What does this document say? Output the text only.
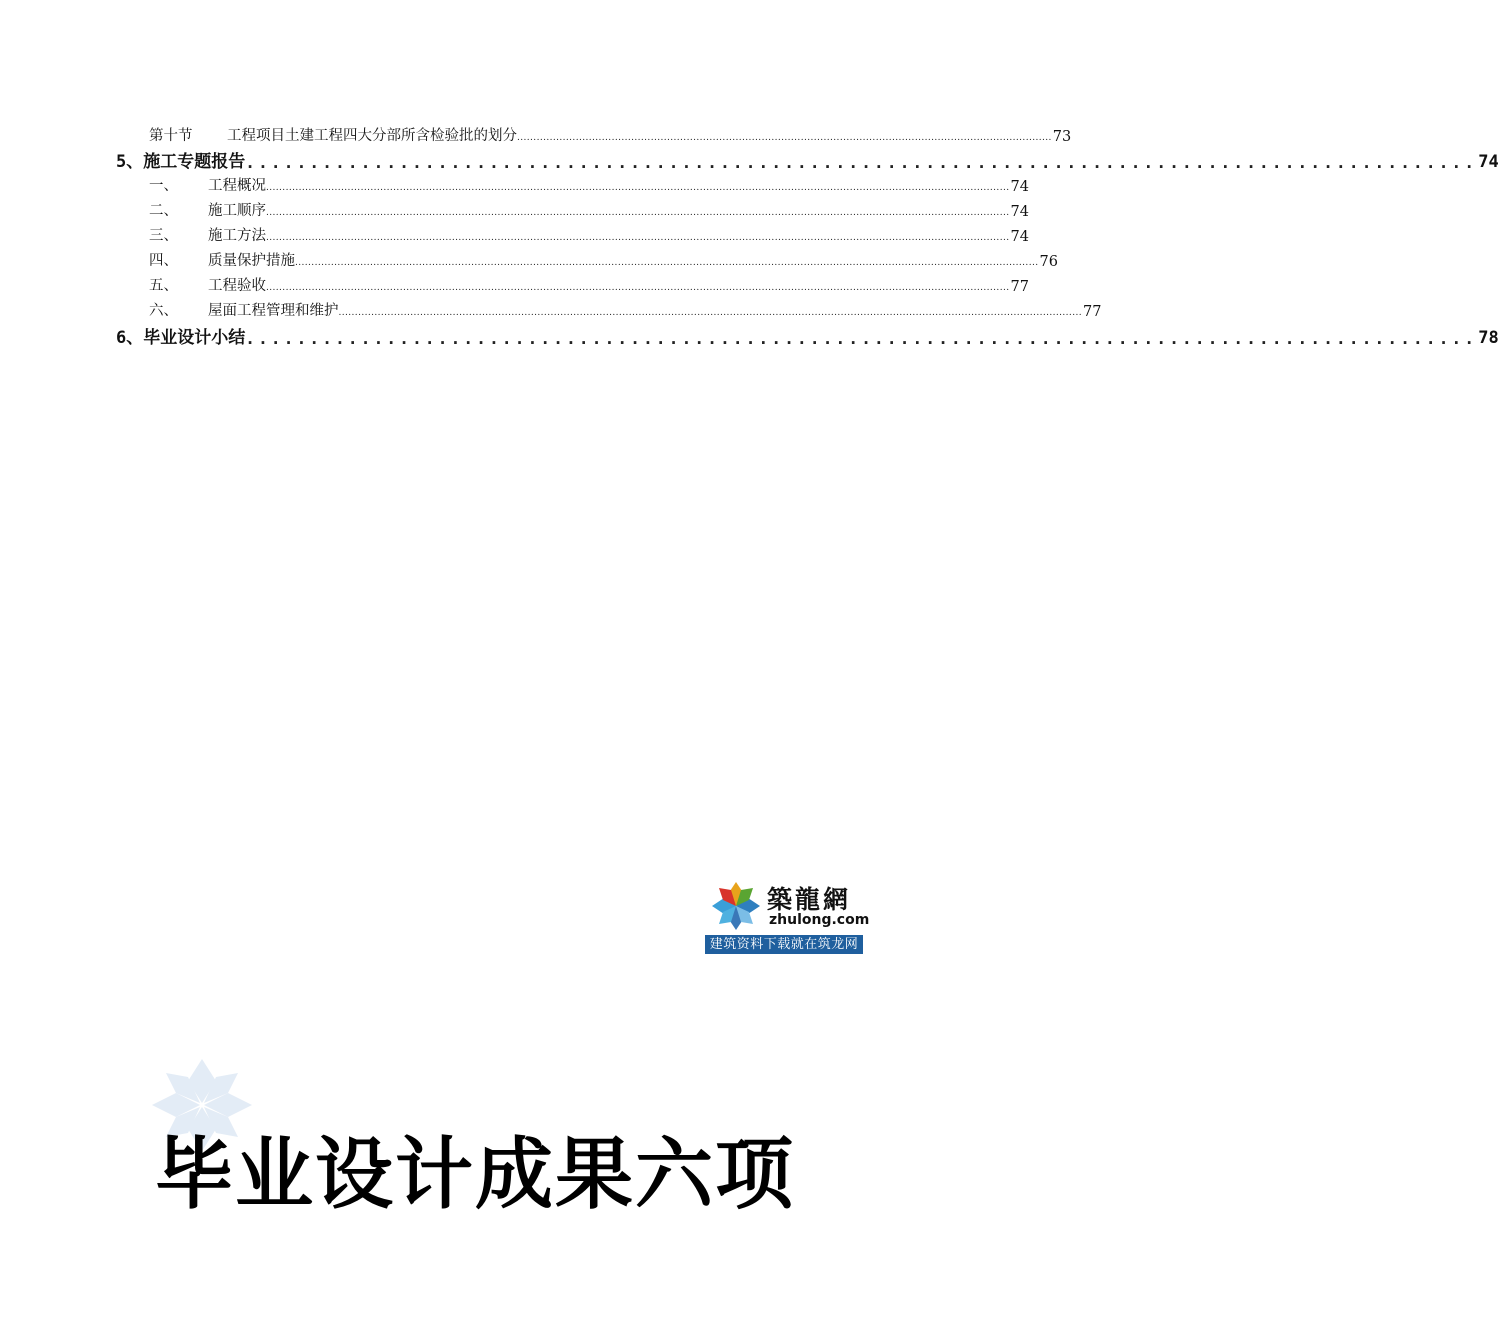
第十节	工程项目土建工程四大分部所含检验批的划分 .................................................................................................................................................................... 73
5、 施工专题报告 ................................................................................................ 74
一、	工程概况 .................................................................................................................................................................................................................................... 74
二、	施工顺序 .................................................................................................................................................................................................................................... 74
三、	施工方法 .................................................................................................................................................................................................................................... 74
四、	质量保护措施 .................................................................................................................................................................................................................................... 76
五、	工程验收 .................................................................................................................................................................................................................................... 77
六、	屋面工程管理和维护 .................................................................................................................................................................................................................................... 77
6、 毕业设计小结 ................................................................................................ 78
築龍網
zhulong.com
建筑资料下载就在筑龙网
毕业设计成果六项
